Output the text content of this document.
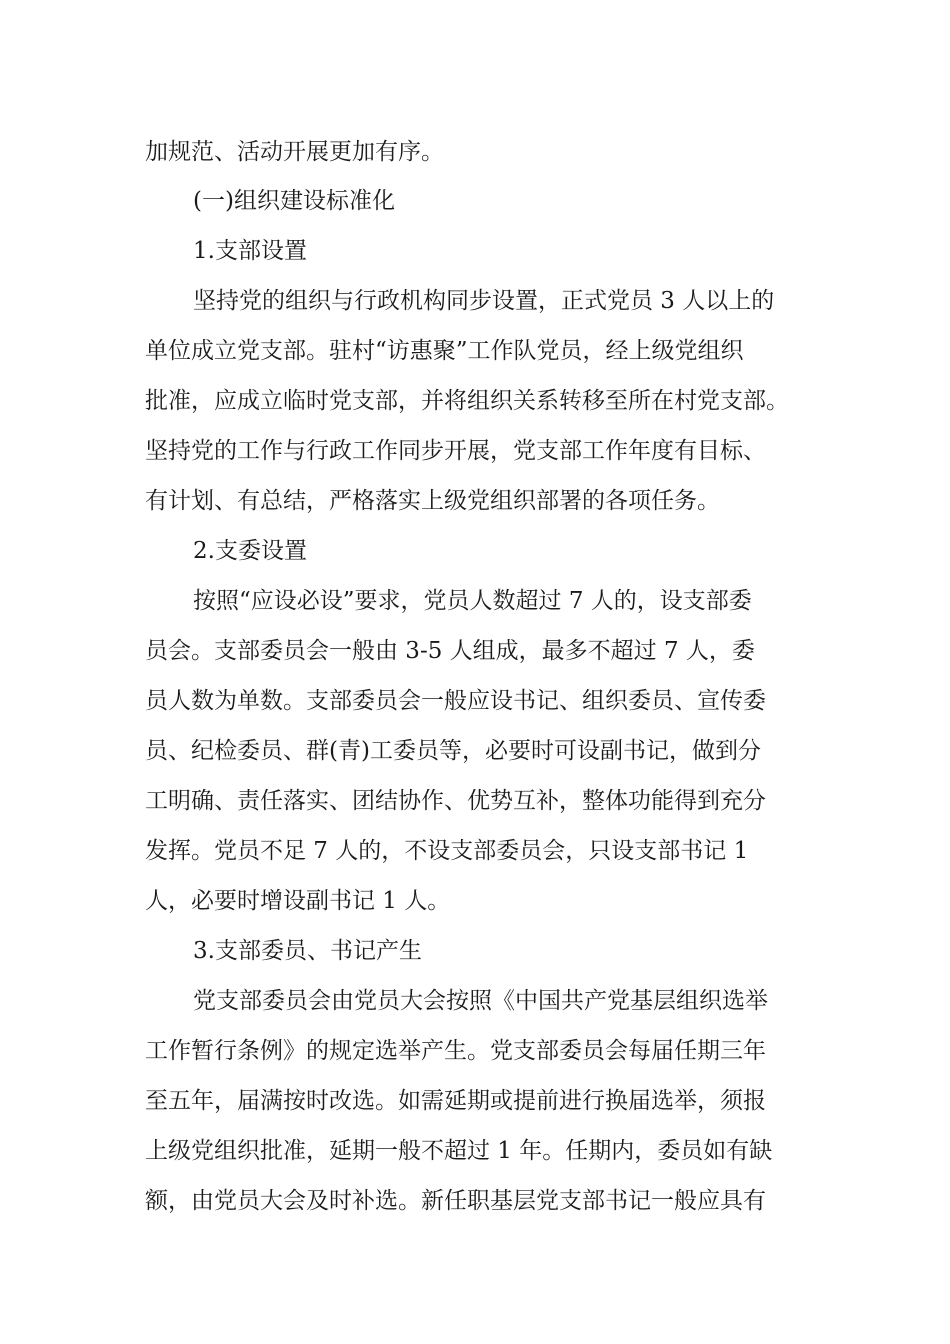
加规范、活动开展更加有序。
(一)组织建设标准化
1.支部设置
坚持党的组织与行政机构同步设置，正式党员 3 人以上的
单位成立党支部。驻村“访惠聚”工作队党员，经上级党组织
批准，应成立临时党支部，并将组织关系转移至所在村党支部。
坚持党的工作与行政工作同步开展，党支部工作年度有目标、
有计划、有总结，严格落实上级党组织部署的各项任务。
2.支委设置
按照“应设必设”要求，党员人数超过 7 人的，设支部委
员会。支部委员会一般由 3-5 人组成，最多不超过 7 人，委
员人数为单数。支部委员会一般应设书记、组织委员、宣传委
员、纪检委员、群(青)工委员等，必要时可设副书记，做到分
工明确、责任落实、团结协作、优势互补，整体功能得到充分
发挥。党员不足 7 人的，不设支部委员会，只设支部书记 1
人，必要时增设副书记 1 人。
3.支部委员、书记产生
党支部委员会由党员大会按照《中国共产党基层组织选举
工作暂行条例》的规定选举产生。党支部委员会每届任期三年
至五年，届满按时改选。如需延期或提前进行换届选举，须报
上级党组织批准，延期一般不超过 1 年。任期内，委员如有缺
额，由党员大会及时补选。新任职基层党支部书记一般应具有
